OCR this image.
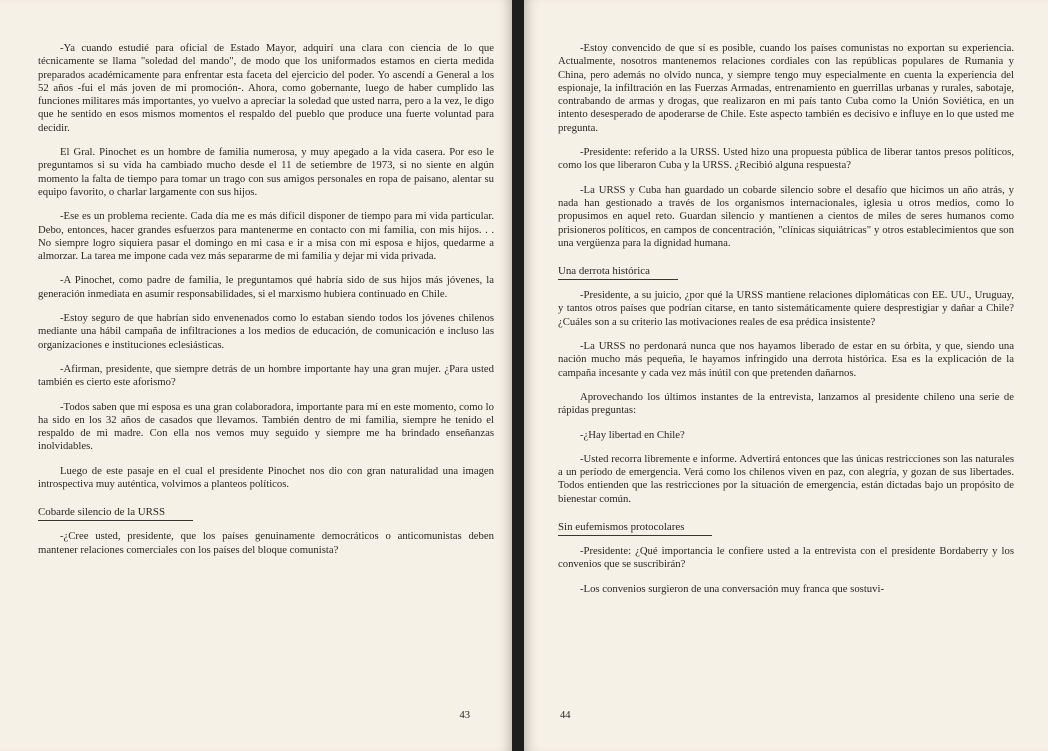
-Ya cuando estudié para oficial de Estado Mayor, adquirí una clara con ciencia de lo que técnicamente se llama "soledad del mando", de modo que los uniformados estamos en cierta medida preparados académicamente para enfrentar esta faceta del ejercicio del poder. Yo ascendí a General a los 52 años -fui el más joven de mi promoción-. Ahora, como gobernante, luego de haber cumplido las funciones militares más importantes, yo vuelvo a apreciar la soledad que usted narra, pero a la vez, le digo que he sentido en esos mismos momentos el respaldo del pueblo que produce una fuerte voluntad para decidir.

El Gral. Pinochet es un hombre de familia numerosa, y muy apegado a la vida casera. Por eso le preguntamos si su vida ha cambiado mucho desde el 11 de setiembre de 1973, si no siente en algún momento la falta de tiempo para tomar un trago con sus amigos personales en ropa de paisano, alentar su equipo favorito, o charlar largamente con sus hijos.

-Ese es un problema reciente. Cada día me es más difícil disponer de tiempo para mi vida particular. Debo, entonces, hacer grandes esfuerzos para mantenerme en contacto con mi familia, con mis hijos. . . No siempre logro siquiera pasar el domingo en mi casa e ir a misa con mi esposa e hijos, quedarme a almorzar. La tarea me impone cada vez más separarme de mi familia y dejar mi vida privada.

-A Pinochet, como padre de familia, le preguntamos qué habría sido de sus hijos más jóvenes, la generación inmediata en asumir responsabilidades, si el marxismo hubiera continuado en Chile.

-Estoy seguro de que habrían sido envenenados como lo estaban siendo todos los jóvenes chilenos mediante una hábil campaña de infiltraciones a los medios de educación, de comunicación e incluso las organizaciones e instituciones eclesiásticas.

-Afirman, presidente, que siempre detrás de un hombre importante hay una gran mujer. ¿Para usted también es cierto este aforismo?

-Todos saben que mi esposa es una gran colaboradora, importante para mí en este momento, como lo ha sido en los 32 años de casados que llevamos. También dentro de mi familia, siempre he tenido el respaldo de mi madre. Con ella nos vemos muy seguido y siempre me ha brindado enseñanzas inolvidables.

Luego de este pasaje en el cual el presidente Pinochet nos dio con gran naturalidad una imagen introspectiva muy auténtica, volvimos a planteos políticos.

Cobarde silencio de la URSS

-¿Cree usted, presidente, que los países genuinamente democráticos o anticomunistas deben mantener relaciones comerciales con los países del bloque comunista?

43

-Estoy convencido de que sí es posible, cuando los países comunistas no exportan su experiencia. Actualmente, nosotros mantenemos relaciones cordiales con las repúblicas populares de Rumania y China, pero además no olvido nunca, y siempre tengo muy especialmente en cuenta la experiencia del espionaje, la infiltración en las Fuerzas Armadas, entrenamiento en guerrillas urbanas y rurales, sabotaje, contrabando de armas y drogas, que realizaron en mi país tanto Cuba como la Unión Soviética, en un intento desesperado de apoderarse de Chile. Este aspecto también es decisivo e influye en lo que usted me pregunta.

-Presidente: referido a la URSS. Usted hizo una propuesta pública de liberar tantos presos políticos, como los que liberaron Cuba y la URSS. ¿Recibió alguna respuesta?

-La URSS y Cuba han guardado un cobarde silencio sobre el desafío que hicimos un año atrás, y nada han gestionado a través de los organismos internacionales, iglesia u otros medios, como lo propusimos en aquel reto. Guardan silencio y mantienen a cientos de miles de seres humanos como prisioneros políticos, en campos de concentración, "clínicas siquiátricas" y otros establecimientos que son una vergüenza para la dignidad humana.

Una derrota histórica

-Presidente, a su juicio, ¿por qué la URSS mantiene relaciones diplomáticas con EE. UU., Uruguay, y tantos otros países que podrían citarse, en tanto sistemáticamente quiere desprestigiar y dañar a Chile? ¿Cuáles son a su criterio las motivaciones reales de esa prédica insistente?

-La URSS no perdonará nunca que nos hayamos liberado de estar en su órbita, y que, siendo una nación mucho más pequeña, le hayamos infringido una derrota histórica. Esa es la explicación de la campaña incesante y cada vez más inútil con que pretenden dañarnos.

Aprovechando los últimos instantes de la entrevista, lanzamos al presidente chileno una serie de rápidas preguntas:

-¿Hay libertad en Chile?

-Usted recorra libremente e informe. Advertirá entonces que las únicas restricciones son las naturales a un período de emergencia. Verá como los chilenos viven en paz, con alegría, y gozan de sus libertades. Todos entienden que las restricciones por la situación de emergencia, están dictadas bajo un propósito de bienestar común.

Sin eufemismos protocolares

-Presidente: ¿Qué importancia le confiere usted a la entrevista con el presidente Bordaberry y los convenios que se suscribirán?

-Los convenios surgieron de una conversación muy franca que sostuvi-

44
